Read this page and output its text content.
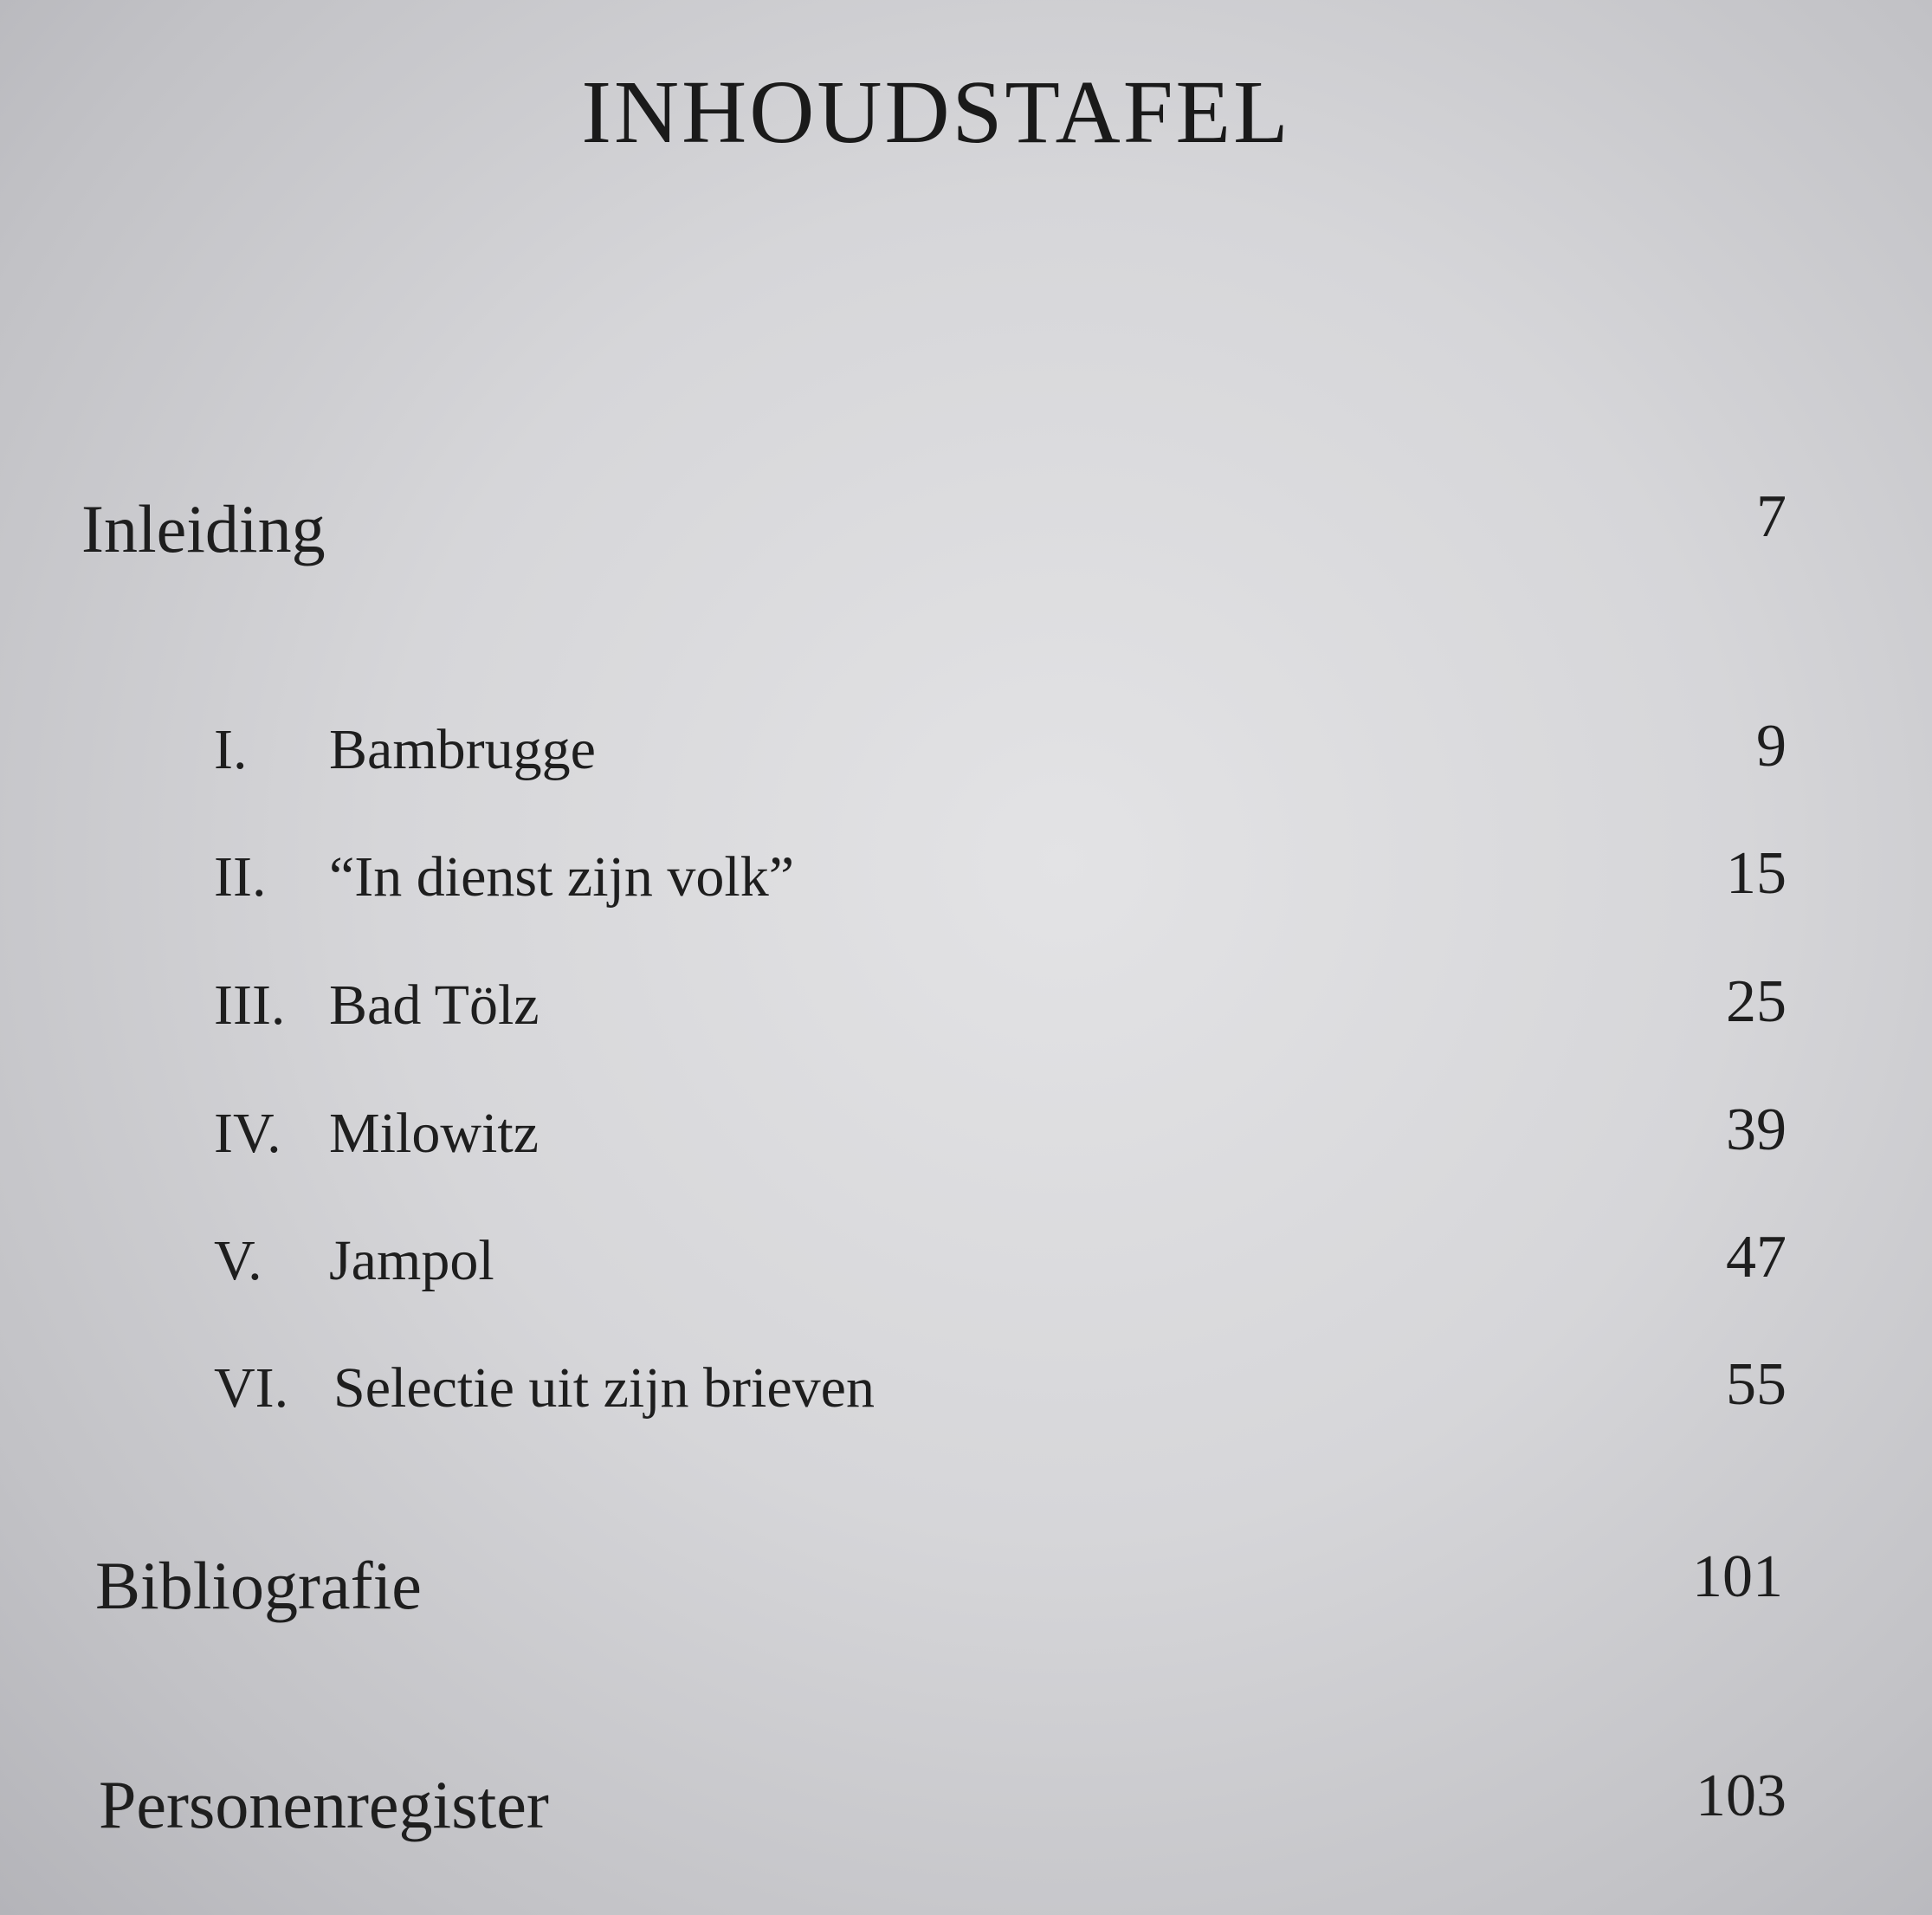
INHOUDSTAFEL
Inleiding	7
I. Bambrugge	9
II. “In dienst zijn volk”	15
III. Bad Tölz	25
IV. Milowitz	39
V. Jampol	47
VI. Selectie uit zijn brieven	55
Bibliografie	101
Personenregister	103
